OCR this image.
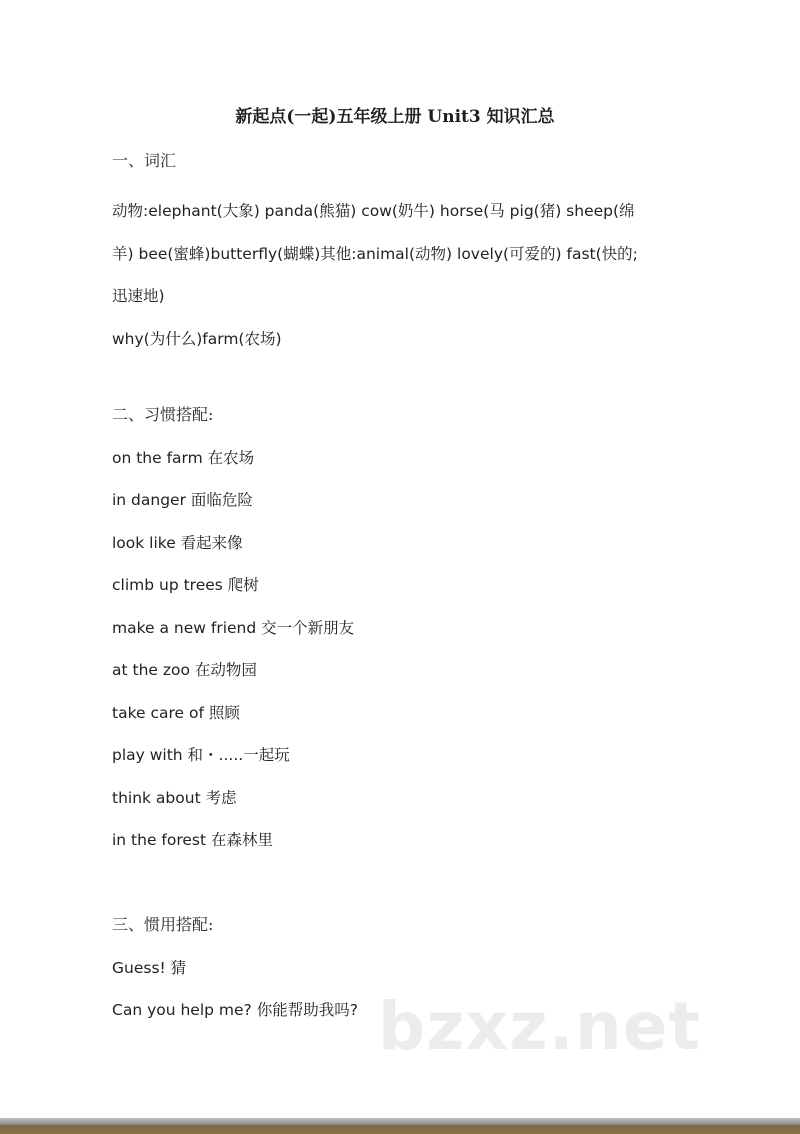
新起点(一起)五年级上册 Unit3 知识汇总
一、词汇

动物:elephant(大象) panda(熊猫) cow(奶牛) horse(马 pig(猪) sheep(绵

羊) bee(蜜蜂)butterfly(蝴蝶)其他:animal(动物) lovely(可爱的) fast(快的;

迅速地)

why(为什么)farm(农场)

二、习惯搭配:
on the farm 在农场
in danger 面临危险
look like 看起来像
climb up trees 爬树
make a new friend 交一个新朋友
at the zoo 在动物园
take care of 照顾
play with 和・.....一起玩
think about 考虑
in the forest 在森林里
三、惯用搭配:
Guess! 猜
Can you help me? 你能帮助我吗? bzxz.net
